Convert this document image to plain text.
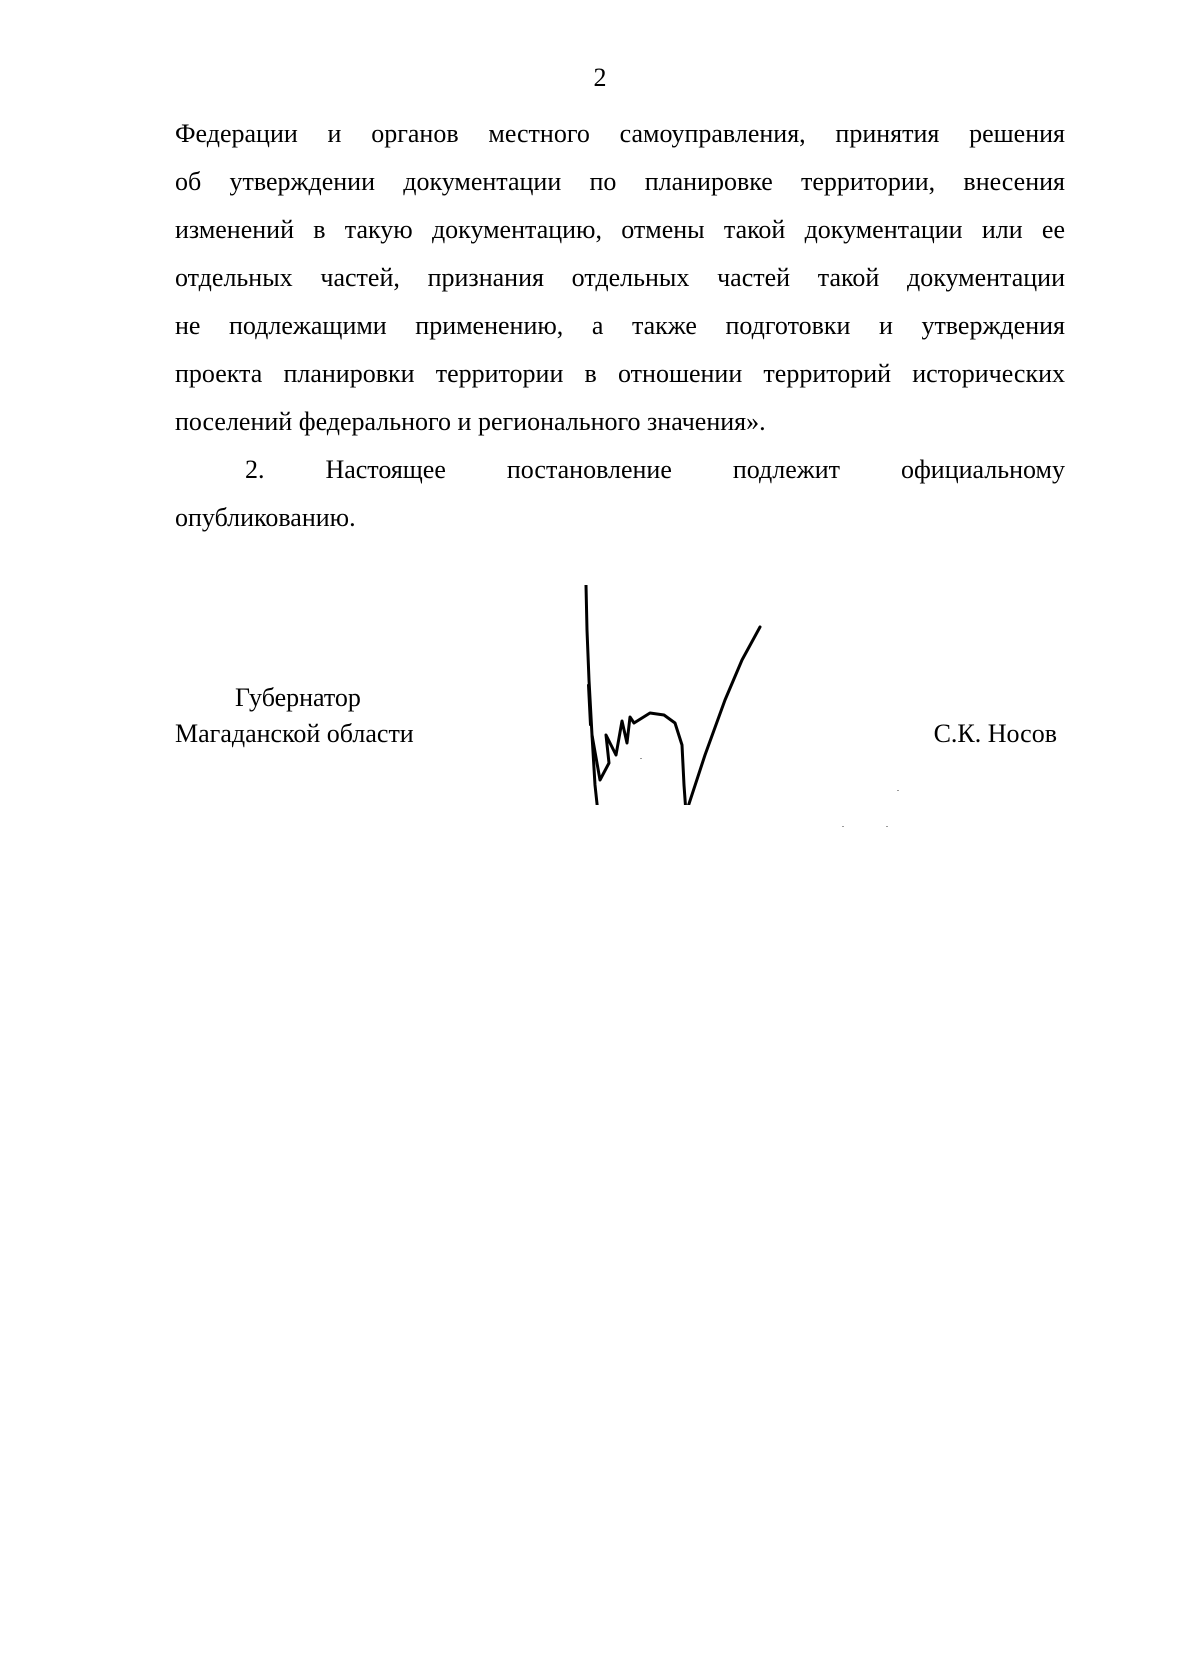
2
Федерации и органов местного самоуправления, принятия решения
об утверждении документации по планировке территории, внесения
изменений в такую документацию, отмены такой документации или ее
отдельных частей, признания отдельных частей такой документации
не подлежащими применению, а также подготовки и утверждения
проекта планировки территории в отношении территорий исторических
поселений федерального и регионального значения».
2. Настоящее постановление подлежит официальному
опубликованию.
Губернатор
Магаданской области	С.К. Носов
